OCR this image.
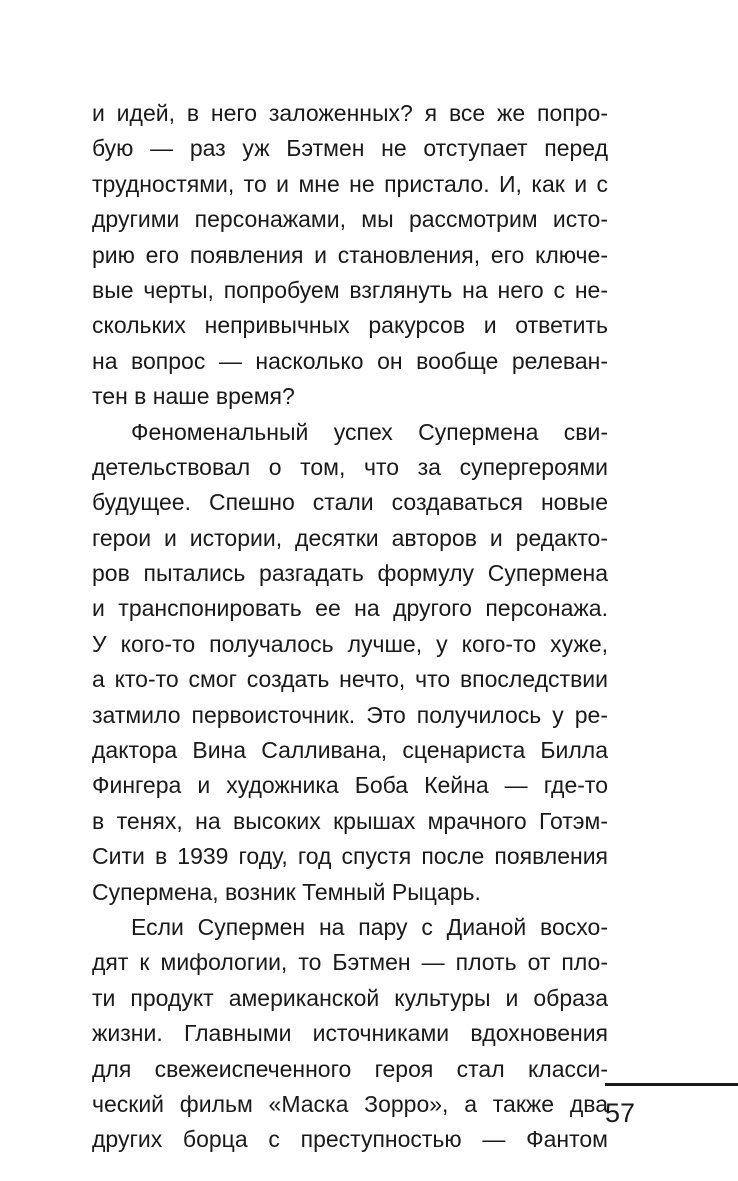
и идей, в него заложенных? я все же попро-
бую — раз уж Бэтмен не отступает перед
трудностями, то и мне не пристало. И, как и с
другими персонажами, мы рассмотрим исто-
рию его появления и становления, его ключе-
вые черты, попробуем взглянуть на него с не-
скольких непривычных ракурсов и ответить
на вопрос — насколько он вообще релеван-
тен в наше время?
Феноменальный успех Супермена сви-
детельствовал о том, что за супергероями
будущее. Спешно стали создаваться новые
герои и истории, десятки авторов и редакто-
ров пытались разгадать формулу Супермена
и транспонировать ее на другого персонажа.
У кого-то получалось лучше, у кого-то хуже,
а кто-то смог создать нечто, что впоследствии
затмило первоисточник. Это получилось у ре-
дактора Вина Салливана, сценариста Билла
Фингера и художника Боба Кейна — где-то
в тенях, на высоких крышах мрачного Готэм-
Сити в 1939 году, год спустя после появления
Супермена, возник Темный Рыцарь.
Если Супермен на пару с Дианой восхо-
дят к мифологии, то Бэтмен — плоть от пло-
ти продукт американской культуры и образа
жизни. Главными источниками вдохновения
для свежеиспеченного героя стал класси-
ческий фильм «Маска Зорро», а также два
других борца с преступностью — Фантом
57
